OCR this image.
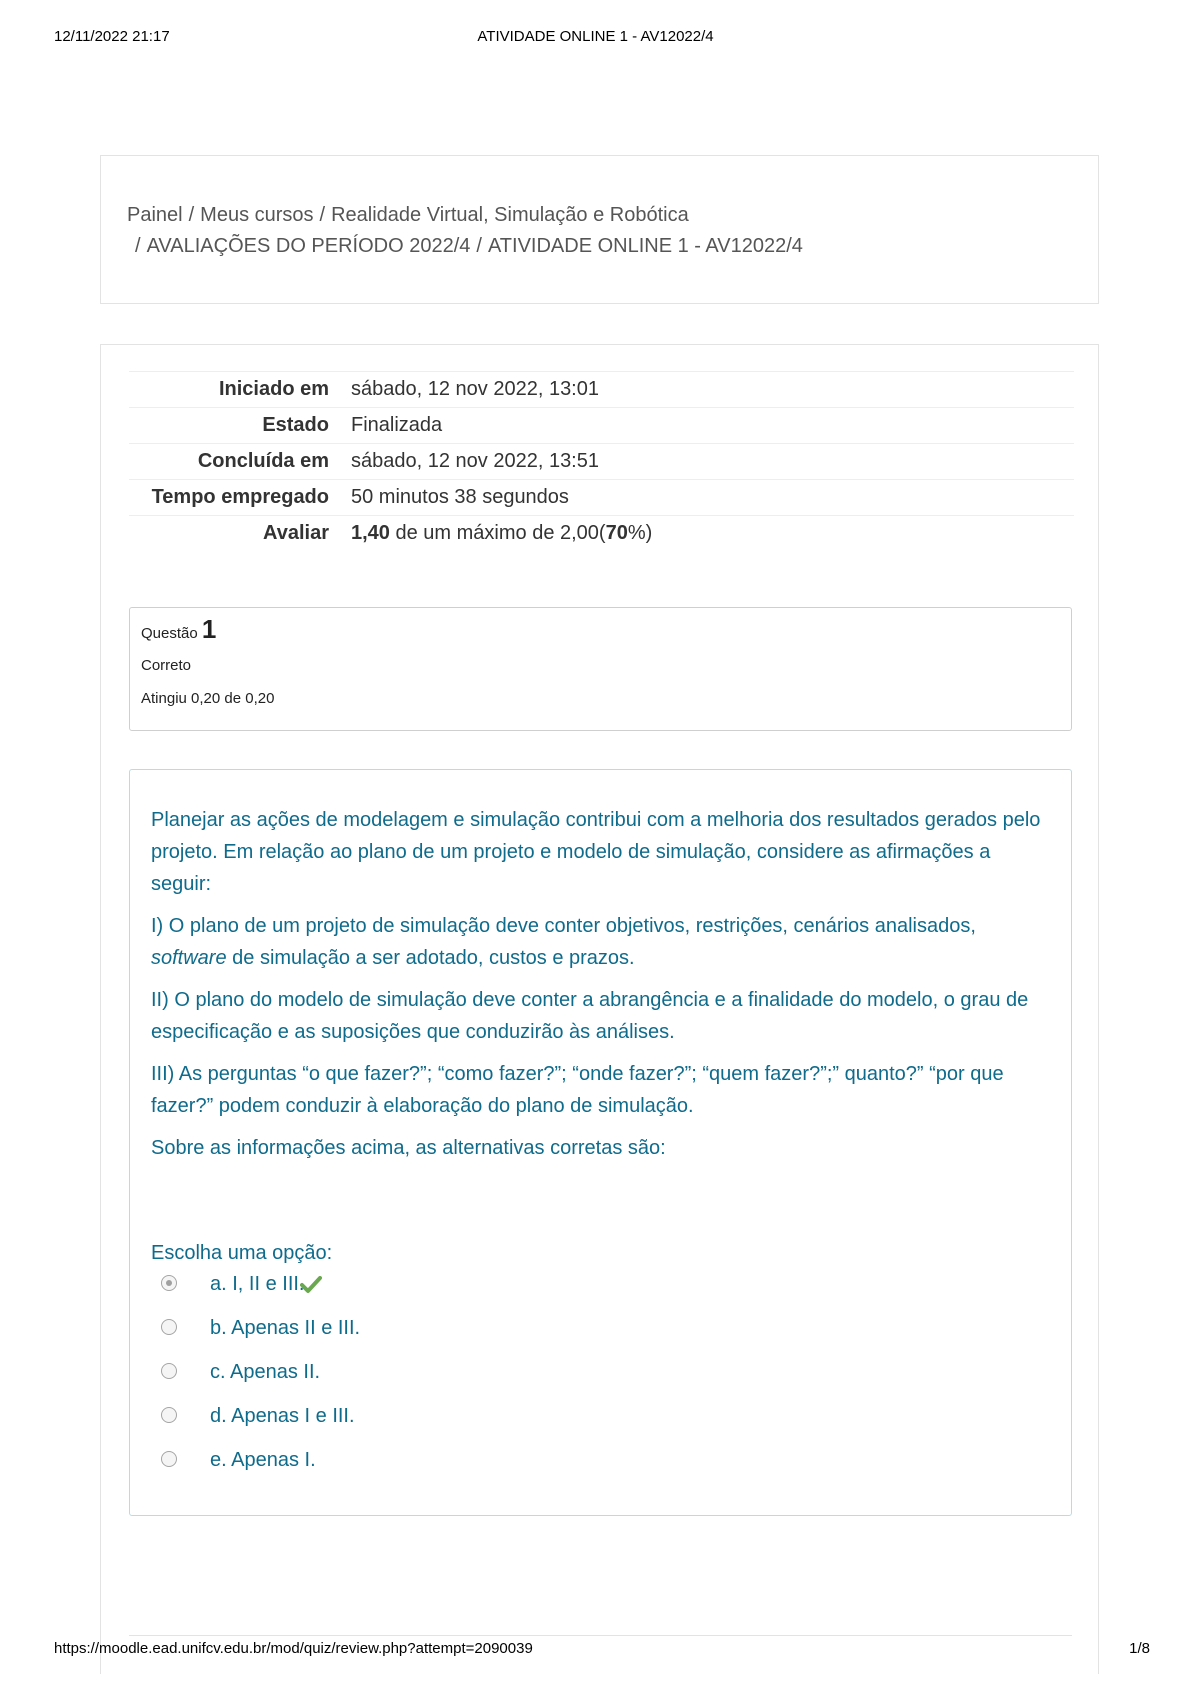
12/11/2022 21:17	ATIVIDADE ONLINE 1 - AV12022/4
Painel / Meus cursos / Realidade Virtual, Simulação e Robótica
/ AVALIAÇÕES DO PERÍODO 2022/4 / ATIVIDADE ONLINE 1 - AV12022/4
Iniciado em	sábado, 12 nov 2022, 13:01
Estado	Finalizada
Concluída em	sábado, 12 nov 2022, 13:51
Tempo empregado	50 minutos 38 segundos
Avaliar	1,40 de um máximo de 2,00(70%)
Questão 1
Correto
Atingiu 0,20 de 0,20

Planejar as ações de modelagem e simulação contribui com a melhoria dos resultados gerados pelo projeto. Em relação ao plano de um projeto e modelo de simulação, considere as afirmações a seguir:

I) O plano de um projeto de simulação deve conter objetivos, restrições, cenários analisados, software de simulação a ser adotado, custos e prazos.

II) O plano do modelo de simulação deve conter a abrangência e a finalidade do modelo, o grau de especificação e as suposições que conduzirão às análises.

III) As perguntas “o que fazer?”; “como fazer?”; “onde fazer?”; “quem fazer?”;” quanto?” “por que fazer?” podem conduzir à elaboração do plano de simulação.

Sobre as informações acima, as alternativas corretas são:

Escolha uma opção:
a. I, II e III.
b. Apenas II e III.
c. Apenas II.
d. Apenas I e III.
e. Apenas I.
https://moodle.ead.unifcv.edu.br/mod/quiz/review.php?attempt=2090039	1/8
